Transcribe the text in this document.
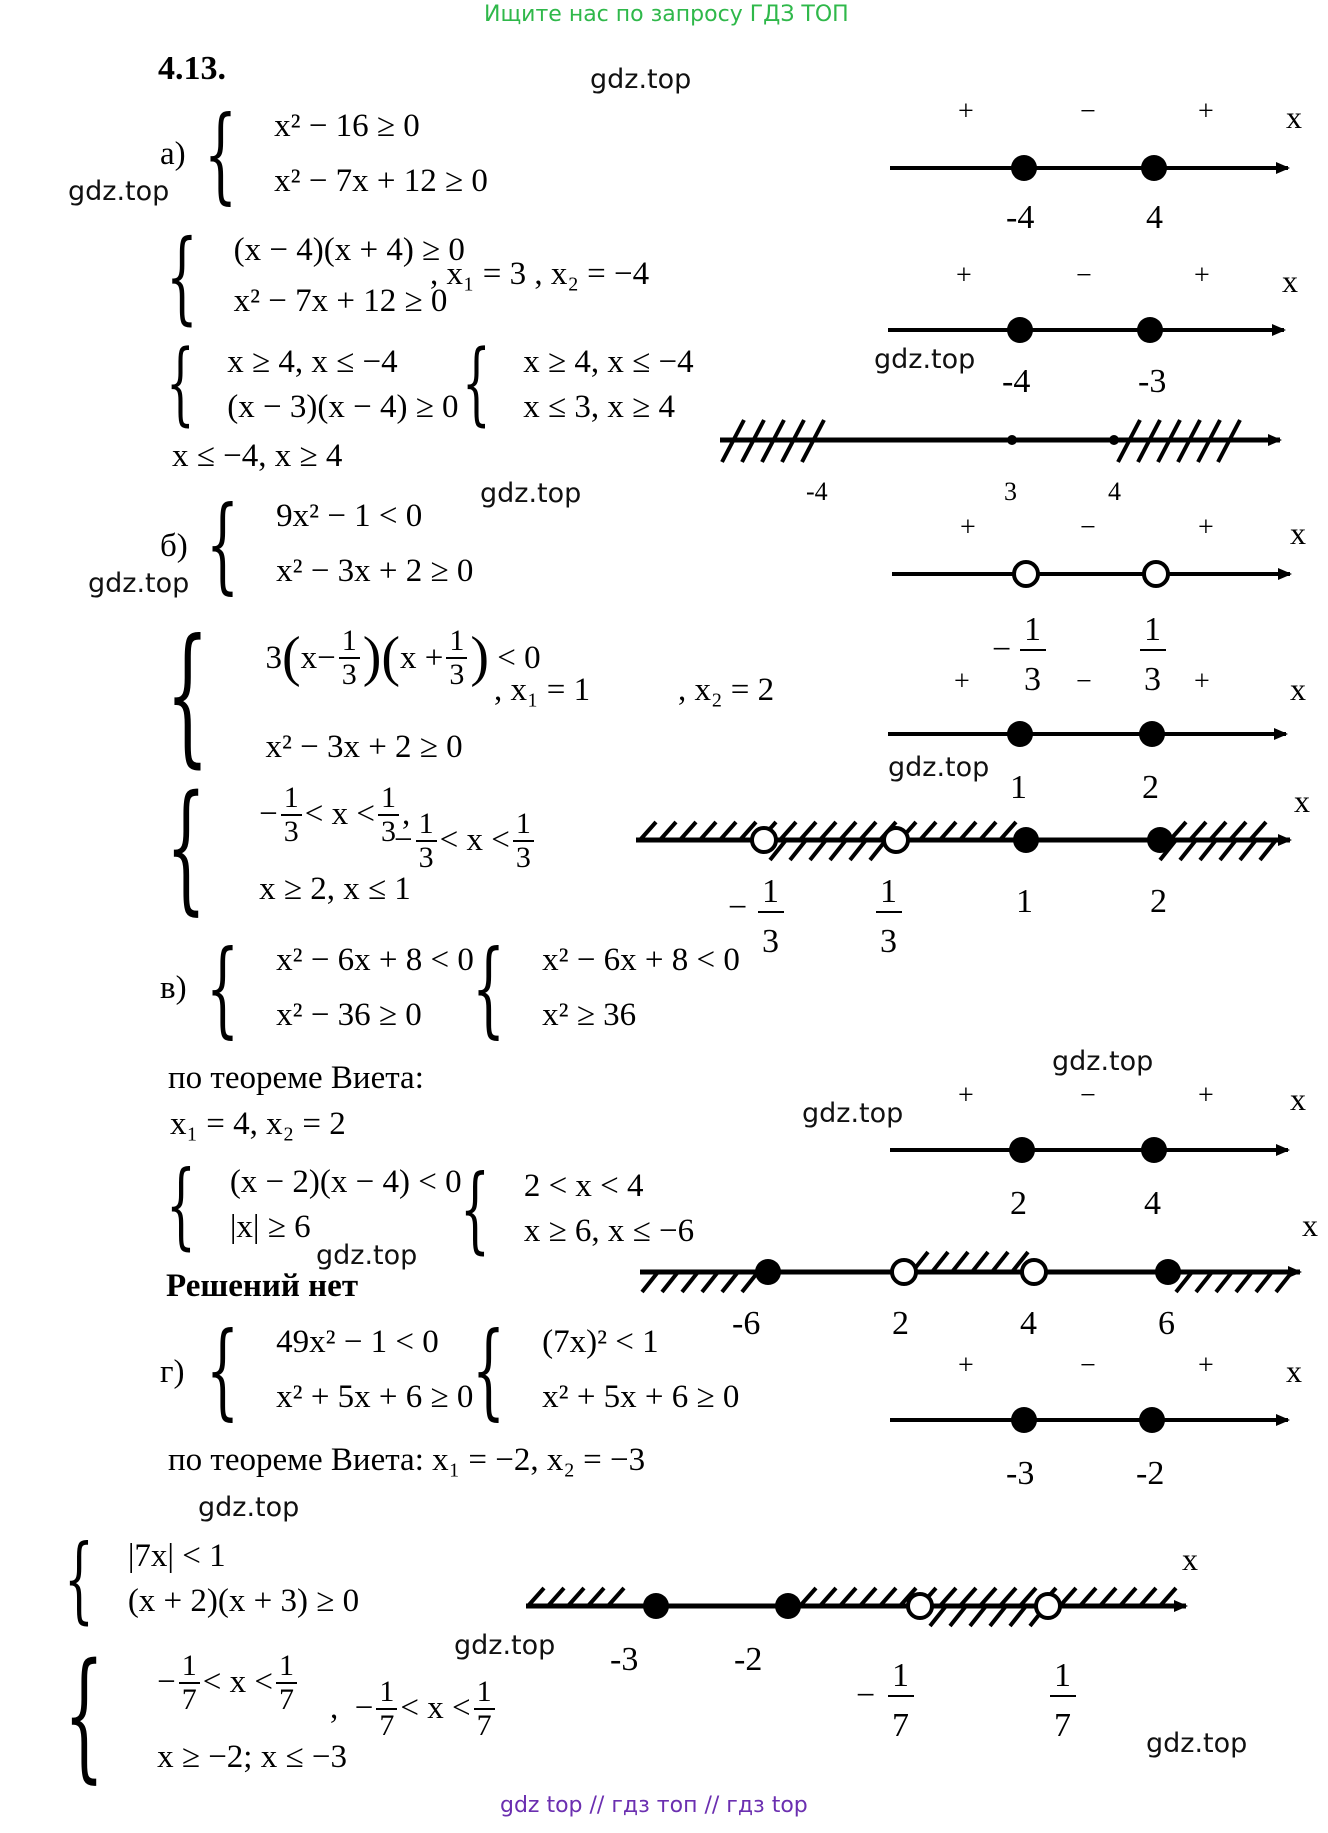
Ищите нас по запросу ГДЗ ТОП
gdz top // гдз топ // гдз top
gdz.top
gdz.top
gdz.top
gdz.top
gdz.top
gdz.top
gdz.top
gdz.top
gdz.top
gdz.top
gdz.top
gdz.top
4.13.
а) { x² − 16 ≥ 0
x² − 7x + 12 ≥ 0
{ (x − 4)(x + 4) ≥ 0
x² − 7x + 12 ≥ 0
, x₁ = 3 , x₂ = −4
{ x ≥ 4, x ≤ −4
(x − 3)(x − 4) ≥ 0 { x ≥ 4, x ≤ −4
x ≤ 3, x ≥ 4
x ≤ −4, x ≥ 4
б) { 9x² − 1 < 0
x² − 3x + 2 ≥ 0
{ 3 ( $x - \frac{1}{3}$ )( $x + \frac{1}{3}$ ) < 0
x² − 3x + 2 ≥ 0
, x₁ = 1	, x₂ = 2
{ − $\frac{1}{3} < x < \frac{1}{3}$ ,
x ≥ 2, x ≤ 1
− $\frac{1}{3} < x < \frac{1}{3}$
в) { x² − 6x + 8 < 0
x² − 36 ≥ 0 { x² − 6x + 8 < 0
x² ≥ 36
по теореме Виета:
x₁ = 4, x₂ = 2
{ (x − 2)(x − 4) < 0
|x| ≥ 6	{ 2 < x < 4
x ≥ 6, x ≤ −6
Решений нет
г) { 49x² − 1 < 0
x² + 5x + 6 ≥ 0
{ (7x)² < 1
x² + 5x + 6 ≥ 0
по теореме Виета: x₁ = −2, x₂ = −3
{ |7x| < 1
(x + 2)(x + 3) ≥ 0
{ − $\frac{1}{7} < x < \frac{1}{7}$
x ≥ −2; x ≤ −3
,
− $\frac{1}{7} < x < \frac{1}{7}$
+	−	+ x
-4	4
+	−	+ x
-4	-3
-4	3	4
+	−	+ x
−
1
3
1
3
+	−	+	x
1	2	x
− 1
3
1
3
1	2
+	−	+ x
2	4
x
-6	2	4	6
+	−	+ x
-3	-2
x
-3	-2
−
1
7
1
7
